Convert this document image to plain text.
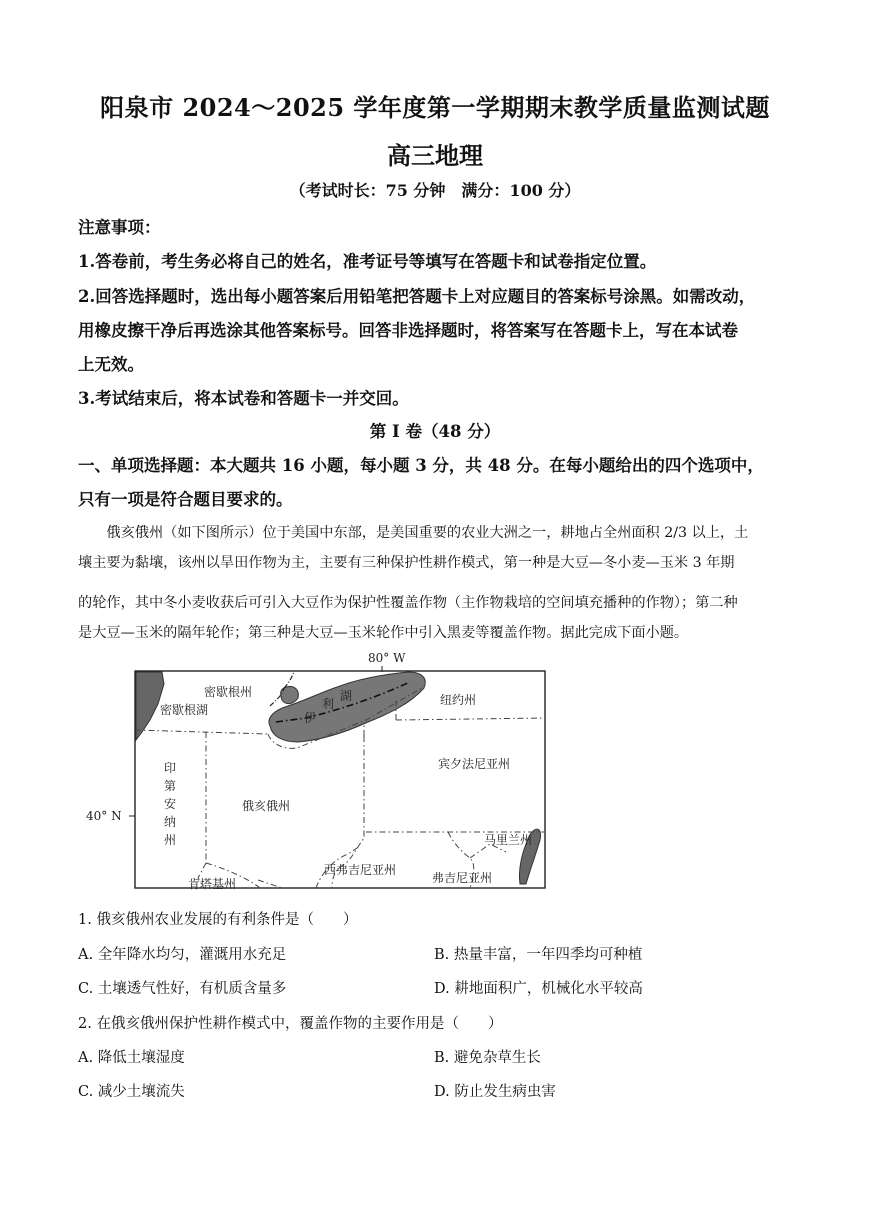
阳泉市 2024～2025 学年度第一学期期末教学质量监测试题
高三地理
（考试时长：75 分钟　满分：100 分）
注意事项：
1.答卷前，考生务必将自己的姓名，准考证号等填写在答题卡和试卷指定位置。
2.回答选择题时，选出每小题答案后用铅笔把答题卡上对应题目的答案标号涂黑。如需改动，
用橡皮擦干净后再选涂其他答案标号。回答非选择题时，将答案写在答题卡上，写在本试卷
上无效。
3.考试结束后，将本试卷和答题卡一并交回。
第 Ⅰ 卷（48 分）
一、单项选择题：本大题共 16 小题，每小题 3 分，共 48 分。在每小题给出的四个选项中，
只有一项是符合题目要求的。
　　俄亥俄州（如下图所示）位于美国中东部，是美国重要的农业大洲之一，耕地占全州面积 2/3 以上，土
壤主要为黏壤，该州以旱田作物为主，主要有三种保护性耕作模式，第一种是大豆—冬小麦—玉米 3 年期
的轮作，其中冬小麦收获后可引入大豆作为保护性覆盖作物（主作物栽培的空间填充播种的作物）；第二种
是大豆—玉米的隔年轮作；第三种是大豆—玉米轮作中引入黑麦等覆盖作物。据此完成下面小题。
80° W
40° N
密歇根州
密歇根湖
伊
利
湖	纽约州
印
第
安
纳
州
俄亥俄州
宾夕法尼亚州
马里兰州
西弗吉尼亚州
弗吉尼亚州
肯塔基州
1. 俄亥俄州农业发展的有利条件是（　　）
A. 全年降水均匀，灌溉用水充足	B. 热量丰富，一年四季均可种植
C. 土壤透气性好，有机质含量多	D. 耕地面积广，机械化水平较高
2. 在俄亥俄州保护性耕作模式中，覆盖作物的主要作用是（　　）
A. 降低土壤湿度	B. 避免杂草生长
C. 减少土壤流失	D. 防止发生病虫害
